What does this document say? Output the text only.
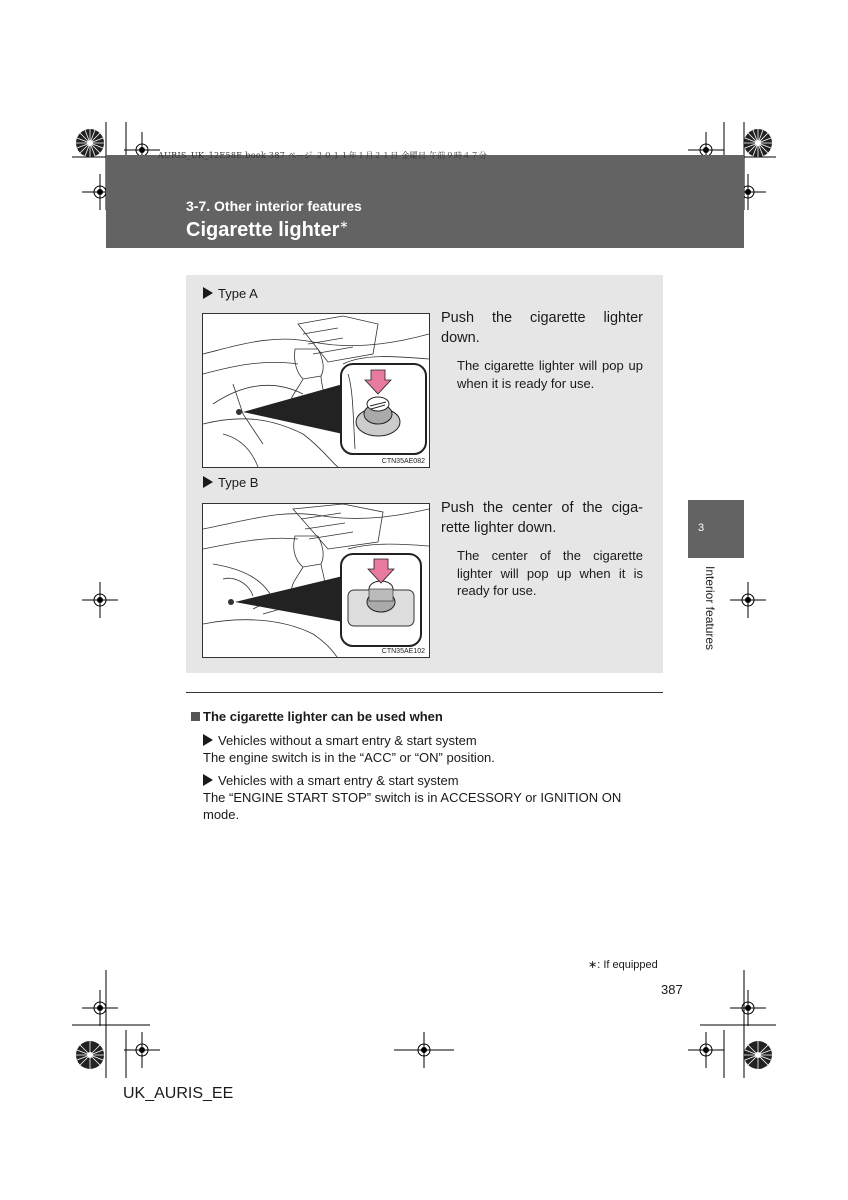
AURIS_UK_12E58E.book 387 ページ ２０１１年１月２１日 金曜日 午前９時４７分
3-7. Other interior features
Cigarette lighter∗
3
Interior features
Type A
CTN35AE082
Push the cigarette lighter down.
The cigarette lighter will pop up when it is ready for use.
Type B
CTN35AE102
Push the center of the ciga-rette lighter down.
The center of the cigarette lighter will pop up when it is ready for use.
The cigarette lighter can be used when
Vehicles without a smart entry & start system
The engine switch is in the “ACC” or “ON” position.
Vehicles with a smart entry & start system
The “ENGINE START STOP” switch is in ACCESSORY or IGNITION ON
mode.
∗: If equipped
387
UK_AURIS_EE
